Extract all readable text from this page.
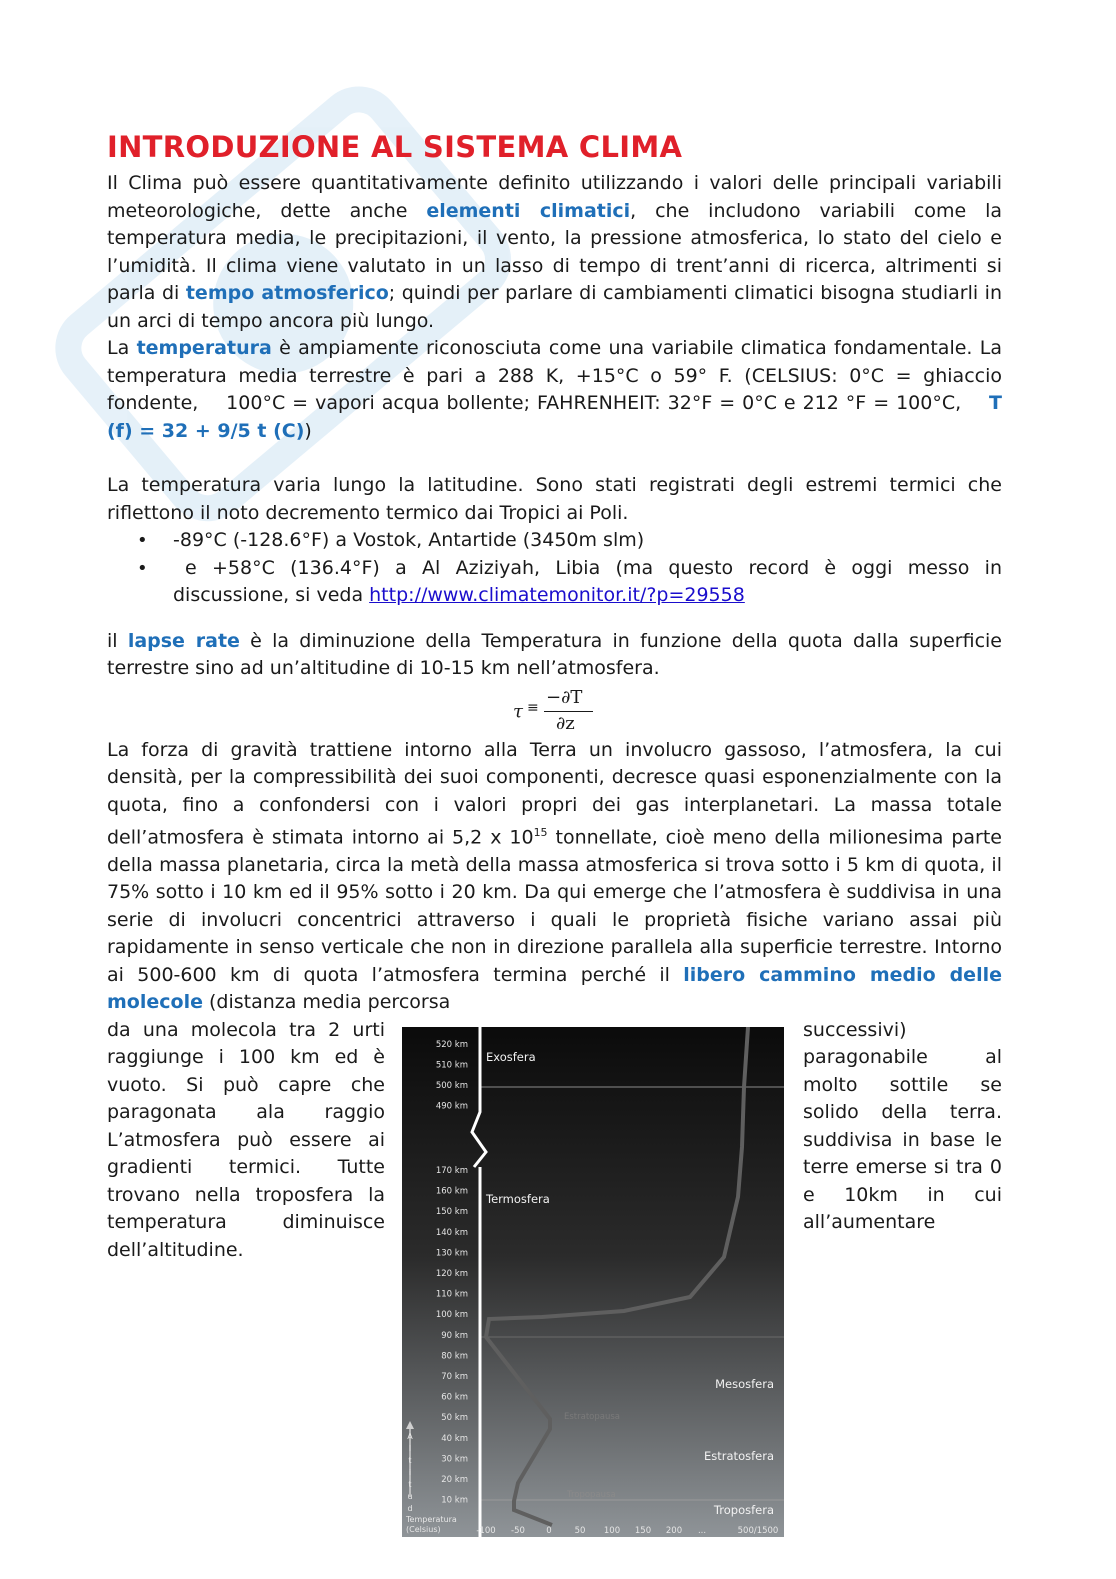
INTRODUZIONE AL SISTEMA CLIMA

Il Clima può essere quantitativamente definito utilizzando i valori delle principali variabili meteorologiche, dette anche elementi climatici, che includono variabili come la temperatura media, le precipitazioni, il vento, la pressione atmosferica, lo stato del cielo e l’umidità. Il clima viene valutato in un lasso di tempo di trent’anni di ricerca, altrimenti si parla di tempo atmosferico; quindi per parlare di cambiamenti climatici bisogna studiarli in un arci di tempo ancora più lungo.

La temperatura è ampiamente riconosciuta come una variabile climatica fondamentale. La temperatura media terrestre è pari a 288 K, +15°C o 59° F. (CELSIUS: 0°C = ghiaccio fondente,    100°C = vapori acqua bollente; FAHRENHEIT: 32°F = 0°C e 212 °F = 100°C,    T (f) = 32 + 9/5 t (C))

La temperatura varia lungo la latitudine. Sono stati registrati degli estremi termici che riflettono il noto decremento termico dai Tropici ai Poli.

• -89°C (-128.6°F) a Vostok, Antartide (3450m slm)
• e +58°C (136.4°F) a Al Aziziyah, Libia (ma questo record è oggi messo in discussione, si veda http://www.climatemonitor.it/?p=29558

il lapse rate è la diminuzione della Temperatura in funzione della quota dalla superficie terrestre sino ad un’altitudine di 10-15 km nell’atmosfera.

τ ≡ −∂T
∂z

La forza di gravità trattiene intorno alla Terra un involucro gassoso, l’atmosfera, la cui densità, per la compressibilità dei suoi componenti, decresce quasi esponenzialmente con la quota, fino a confondersi con i valori propri dei gas interplanetari. La massa totale dell’atmosfera è stimata intorno ai 5,2 x $10^{15}$ tonnellate, cioè meno della milionesima parte della massa planetaria, circa la metà della massa atmosferica si trova sotto i 5 km di quota, il 75% sotto i 10 km ed il 95% sotto i 20 km. Da qui emerge che l’atmosfera è suddivisa in una serie di involucri concentrici attraverso i quali le proprietà fisiche variano assai più rapidamente in senso verticale che non in direzione parallela alla superficie terrestre. Intorno ai 500-600 km di quota l’atmosfera termina perché il libero cammino medio delle molecole (distanza media percorsa

da una molecola tra 2 urti raggiunge i 100 km ed è vuoto. Si può capre che paragonata ala raggio L’atmosfera può essere ai gradienti termici. Tutte trovano nella troposfera la temperatura diminuisce dell’altitudine.

successivi) paragonabile al molto sottile se solido della terra. suddivisa in base le terre emerse si tra 0 e 10km in cui all’aumentare

520 km
510 km
500 km
490 km
170 km
160 km
150 km
140 km
130 km
120 km
110 km
100 km
90 km
80 km
70 km
60 km
50 km
40 km
30 km
20 km
10 km
Exosfera
Termosfera
Mesosfera
Estratosfera
Troposfera
Estratopausa
Tropopausa
-100 -50	0	50 100 150 200 ...	500/1500
Temperatura
(Celsius)
A
l
t
i
t
u
d
